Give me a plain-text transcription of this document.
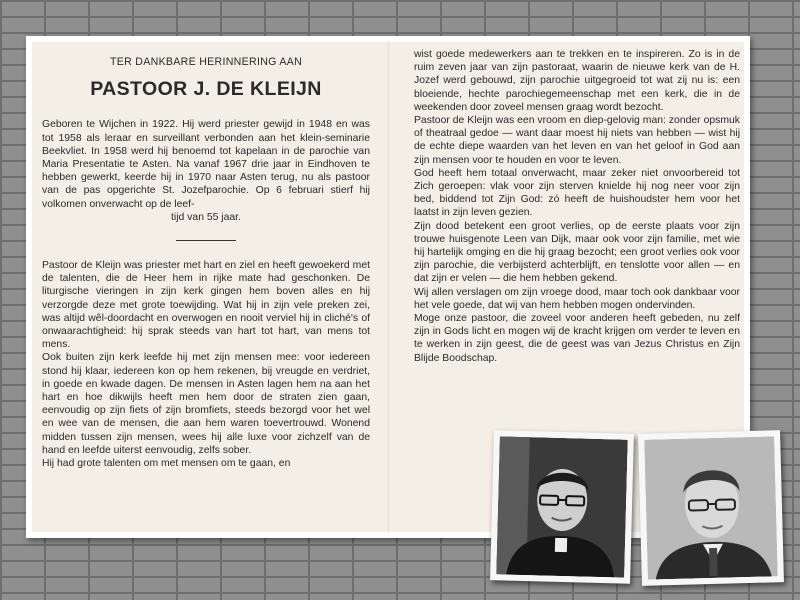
TER DANKBARE HERINNERING AAN
PASTOOR J. DE KLEIJN
Geboren te Wijchen in 1922. Hij werd priester gewijd in 1948 en was tot 1958 als leraar en surveillant verbonden aan het klein-seminarie Beekvliet. In 1958 werd hij benoemd tot kapelaan in de parochie van Maria Presentatie te Asten. Na vanaf 1967 drie jaar in Eindhoven te hebben gewerkt, keerde hij in 1970 naar Asten terug, nu als pastoor van de pas opgerichte St. Jozefparochie. Op 6 februari stierf hij volkomen onverwacht op de leef-
tijd van 55 jaar.
Pastoor de Kleijn was priester met hart en ziel en heeft gewoekerd met de talenten, die de Heer hem in rijke mate had geschonken. De liturgische vieringen in zijn kerk gingen hem boven alles en hij verzorgde deze met grote toewijding. Wat hij in zijn vele preken zei, was altijd wêl-doordacht en overwogen en nooit verviel hij in cliché's of onwaarachtigheid: hij sprak steeds van hart tot hart, van mens tot mens.
Ook buiten zijn kerk leefde hij met zijn mensen mee: voor iedereen stond hij klaar, iedereen kon op hem rekenen, bij vreugde en verdriet, in goede en kwade dagen. De mensen in Asten lagen hem na aan het hart en hoe dikwijls heeft men hem door de straten zien gaan, eenvoudig op zijn fiets of zijn bromfiets, steeds bezorgd voor het wel en wee van de mensen, die aan hem waren toevertrouwd. Wonend midden tussen zijn mensen, wees hij alle luxe voor zichzelf van de hand en leefde uiterst eenvoudig, zelfs sober.
Hij had grote talenten om met mensen om te gaan, en
wist goede medewerkers aan te trekken en te inspireren. Zo is in de ruim zeven jaar van zijn pastoraat, waarin de nieuwe kerk van de H. Jozef werd gebouwd, zijn parochie uitgegroeid tot wat zij nu is: een bloeiende, hechte parochiegemeenschap met een kerk, die in de weekenden door zoveel mensen graag wordt bezocht.
Pastoor de Kleijn was een vroom en diep-gelovig man: zonder opsmuk of theatraal gedoe — want daar moest hij niets van hebben — wist hij de echte diepe waarden van het leven en van het geloof in God aan zijn mensen voor te houden en voor te leven.
God heeft hem totaal onverwacht, maar zeker niet onvoorbereid tot Zich geroepen: vlak voor zijn sterven knielde hij nog neer voor zijn bed, biddend tot Zijn God: zó heeft de huishoudster hem voor het laatst in zijn leven gezien.
Zijn dood betekent een groot verlies, op de eerste plaats voor zijn trouwe huisgenote Leen van Dijk, maar ook voor zijn familie, met wie hij hartelijk omging en die hij graag bezocht; een groot verlies ook voor zijn parochie, die verbijsterd achterblijft, en tenslotte voor allen — en dat zijn er velen — die hem hebben gekend.
Wij allen verslagen om zijn vroege dood, maar toch ook dankbaar voor het vele goede, dat wij van hem hebben mogen ondervinden.
Moge onze pastoor, die zoveel voor anderen heeft gebeden, nu zelf zijn in Gods licht en mogen wij de kracht krijgen om verder te leven en te werken in zijn geest, die de geest was van Jezus Christus en Zijn Blijde Boodschap.
